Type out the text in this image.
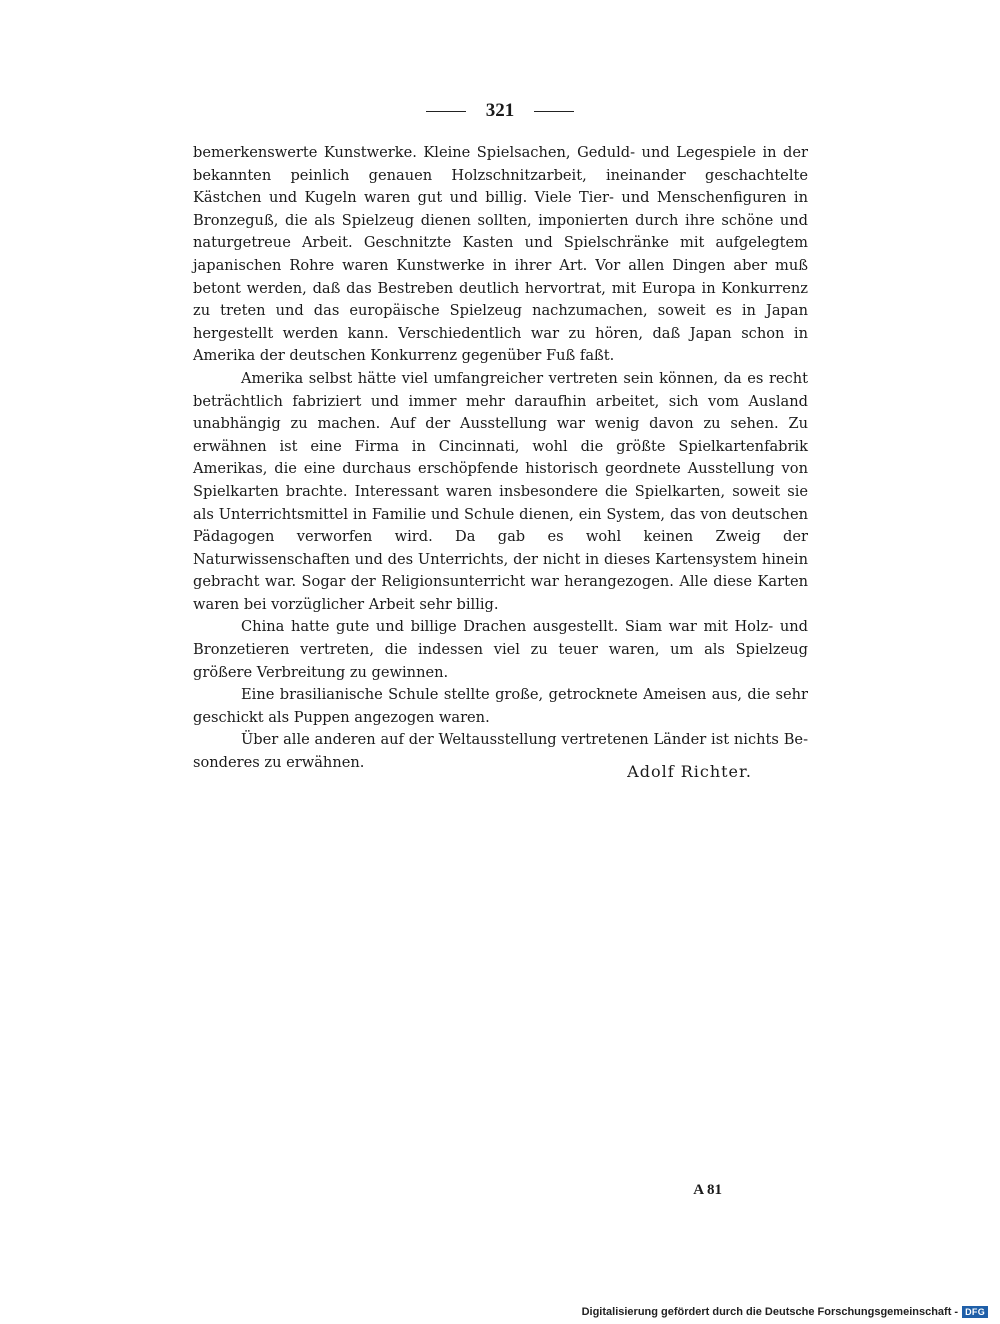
321

bemerkenswerte Kunstwerke. Kleine Spielsachen, Geduld- und Legespiele in der bekannten peinlich genauen Holzschnitzarbeit, ineinander geschachtelte Kästchen und Kugeln waren gut und billig. Viele Tier- und Menschenfiguren in Bronzeguß, die als Spielzeug dienen sollten, imponierten durch ihre schöne und naturgetreue Arbeit. Geschnitzte Kasten und Spielschränke mit aufgelegtem japanischen Rohre waren Kunstwerke in ihrer Art. Vor allen Dingen aber muß betont werden, daß das Bestreben deutlich hervortrat, mit Europa in Konkurrenz zu treten und das europäische Spielzeug nachzumachen, soweit es in Japan hergestellt werden kann. Verschiedentlich war zu hören, daß Japan schon in Amerika der deutschen Konkurrenz gegenüber Fuß faßt.

Amerika selbst hätte viel umfangreicher vertreten sein können, da es recht beträchtlich fabriziert und immer mehr daraufhin arbeitet, sich vom Ausland unabhängig zu machen. Auf der Ausstellung war wenig davon zu sehen. Zu erwähnen ist eine Firma in Cincinnati, wohl die größte Spielkartenfabrik Amerikas, die eine durchaus erschöpfende historisch geordnete Ausstellung von Spielkarten brachte. Interessant waren insbesondere die Spielkarten, soweit sie als Unterrichtsmittel in Familie und Schule dienen, ein System, das von deutschen Pädagogen verworfen wird. Da gab es wohl keinen Zweig der Naturwissenschaften und des Unterrichts, der nicht in dieses Kartensystem hinein gebracht war. Sogar der Religionsunterricht war herangezogen. Alle diese Karten waren bei vorzüglicher Arbeit sehr billig.

China hatte gute und billige Drachen ausgestellt. Siam war mit Holz- und Bronzetieren vertreten, die indessen viel zu teuer waren, um als Spielzeug größere Verbreitung zu gewinnen.

Eine brasilianische Schule stellte große, getrocknete Ameisen aus, die sehr geschickt als Puppen angezogen waren.

Über alle anderen auf der Weltausstellung vertretenen Länder ist nichts Besonderes zu erwähnen.	Adolf Richter.
A 81
Digitalisierung gefördert durch die Deutsche Forschungsgemeinschaft - DFG
